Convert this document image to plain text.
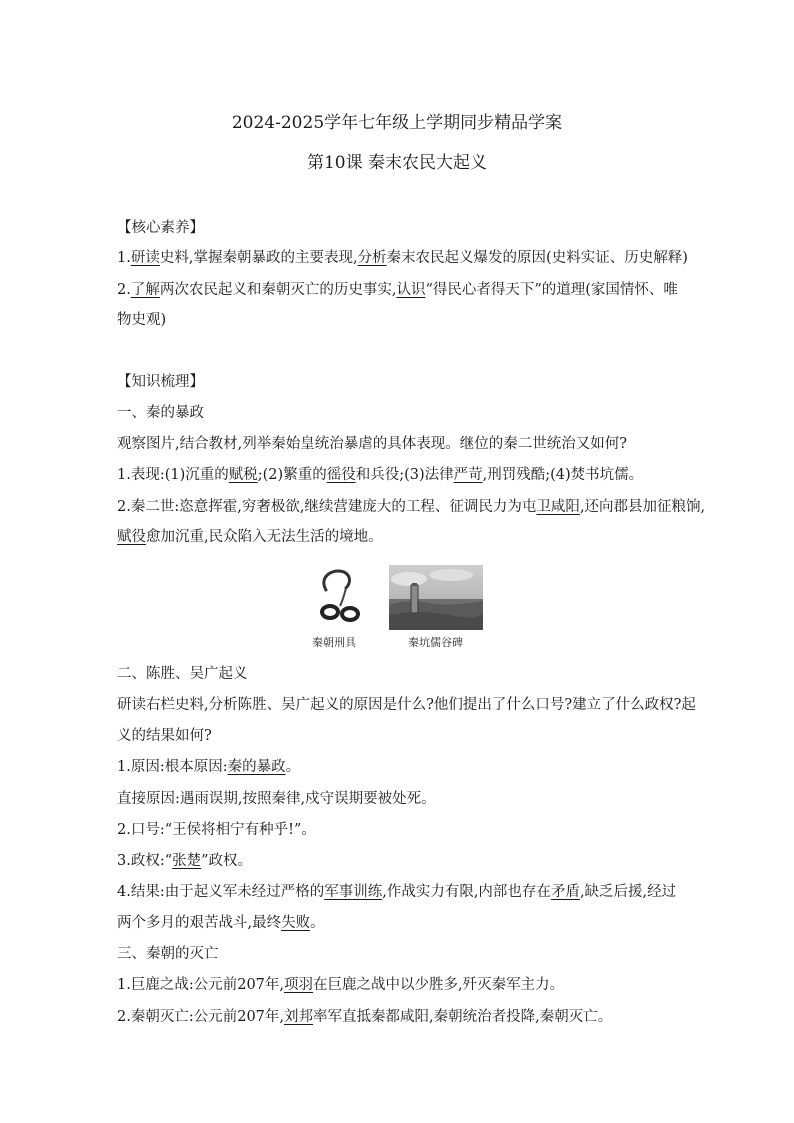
2024-2025学年七年级上学期同步精品学案
第10课 秦末农民大起义
【核心素养】
1.研读史料,掌握秦朝暴政的主要表现,分析秦末农民起义爆发的原因(史料实证、历史解释)
2.了解两次农民起义和秦朝灭亡的历史事实,认识“得民心者得天下”的道理(家国情怀、唯
物史观)
【知识梳理】
一、秦的暴政
观察图片,结合教材,列举秦始皇统治暴虐的具体表现。继位的秦二世统治又如何?
1.表现:(1)沉重的赋税;(2)繁重的徭役和兵役;(3)法律严苛,刑罚残酷;(4)焚书坑儒。
2.秦二世:恣意挥霍,穷奢极欲,继续营建庞大的工程、征调民力为屯卫咸阳,还向郡县加征粮饷,
赋役愈加沉重,民众陷入无法生活的境地。
秦朝刑具	秦坑儒谷碑
二、陈胜、吴广起义
研读右栏史料,分析陈胜、吴广起义的原因是什么?他们提出了什么口号?建立了什么政权?起
义的结果如何?
1.原因:根本原因:秦的暴政。
直接原因:遇雨误期,按照秦律,戍守误期要被处死。
2.口号:“王侯将相宁有种乎!”。
3.政权:“张楚”政权。
4.结果:由于起义军未经过严格的军事训练,作战实力有限,内部也存在矛盾,缺乏后援,经过
两个多月的艰苦战斗,最终失败。
三、秦朝的灭亡
1.巨鹿之战:公元前207年,项羽在巨鹿之战中以少胜多,歼灭秦军主力。
2.秦朝灭亡:公元前207年,刘邦率军直抵秦都咸阳,秦朝统治者投降,秦朝灭亡。
